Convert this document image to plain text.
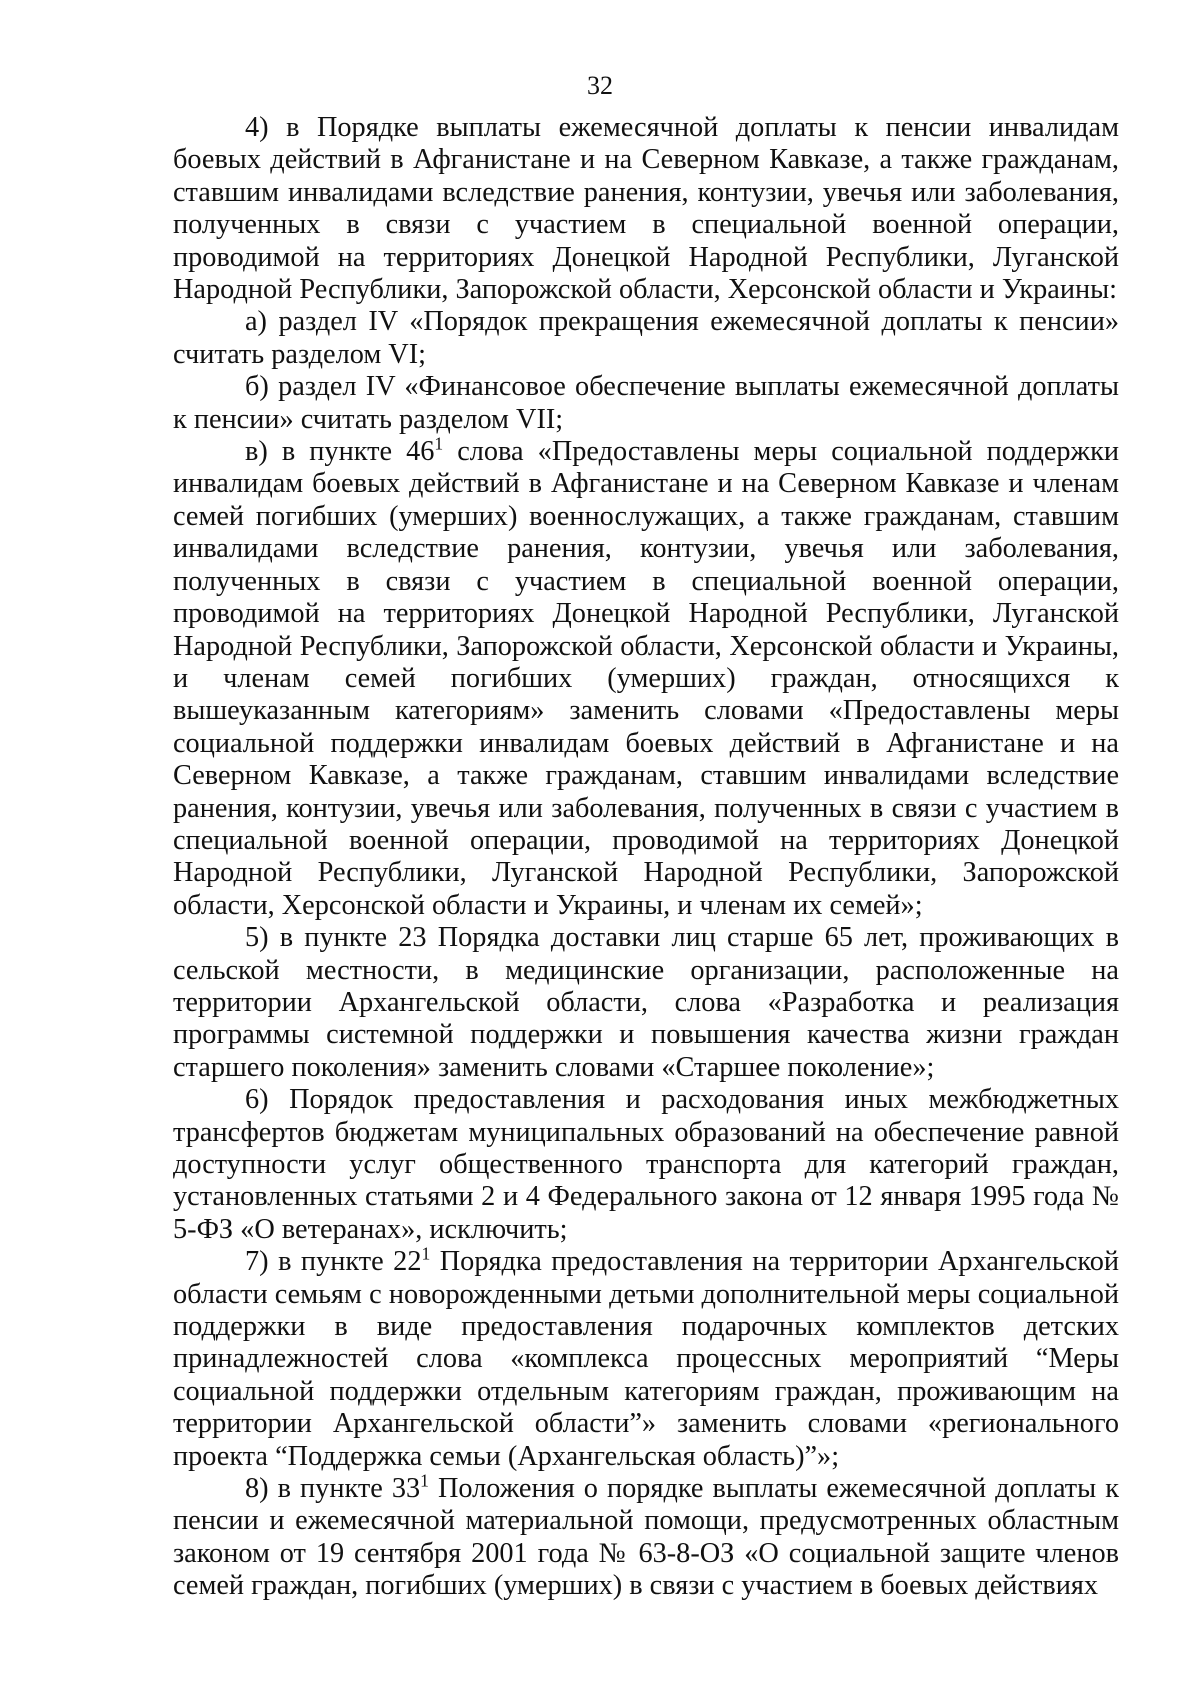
32

4) в Порядке выплаты ежемесячной доплаты к пенсии инвалидам боевых действий в Афганистане и на Северном Кавказе, а также гражданам, ставшим инвалидами вследствие ранения, контузии, увечья или заболевания, полученных в связи с участием в специальной военной операции, проводимой на территориях Донецкой Народной Республики, Луганской Народной Республики, Запорожской области, Херсонской области и Украины:

а) раздел IV «Порядок прекращения ежемесячной доплаты к пенсии» считать разделом VI;

б) раздел IV «Финансовое обеспечение выплаты ежемесячной доплаты к пенсии» считать разделом VII;

в) в пункте $46^1$ слова «Предоставлены меры социальной поддержки инвалидам боевых действий в Афганистане и на Северном Кавказе и членам семей погибших (умерших) военнослужащих, а также гражданам, ставшим инвалидами вследствие ранения, контузии, увечья или заболевания, полученных в связи с участием в специальной военной операции, проводимой на территориях Донецкой Народной Республики, Луганской Народной Республики, Запорожской области, Херсонской области и Украины, и членам семей погибших (умерших) граждан, относящихся к вышеуказанным категориям» заменить словами «Предоставлены меры социальной поддержки инвалидам боевых действий в Афганистане и на Северном Кавказе, а также гражданам, ставшим инвалидами вследствие ранения, контузии, увечья или заболевания, полученных в связи с участием в специальной военной операции, проводимой на территориях Донецкой Народной Республики, Луганской Народной Республики, Запорожской области, Херсонской области и Украины, и членам их семей»;

5) в пункте 23 Порядка доставки лиц старше 65 лет, проживающих в сельской местности, в медицинские организации, расположенные на территории Архангельской области, слова «Разработка и реализация программы системной поддержки и повышения качества жизни граждан старшего поколения» заменить словами «Старшее поколение»;

6) Порядок предоставления и расходования иных межбюджетных трансфертов бюджетам муниципальных образований на обеспечение равной доступности услуг общественного транспорта для категорий граждан, установленных статьями 2 и 4 Федерального закона от 12 января 1995 года № 5-ФЗ «О ветеранах», исключить;

7) в пункте $22^1$ Порядка предоставления на территории Архангельской области семьям с новорожденными детьми дополнительной меры социальной поддержки в виде предоставления подарочных комплектов детских принадлежностей слова «комплекса процессных мероприятий “Меры социальной поддержки отдельным категориям граждан, проживающим на территории Архангельской области”» заменить словами «регионального проекта “Поддержка семьи (Архангельская область)”»;

8) в пункте $33^1$ Положения о порядке выплаты ежемесячной доплаты к пенсии и ежемесячной материальной помощи, предусмотренных областным законом от 19 сентября 2001 года № 63-8-ОЗ «О социальной защите членов семей граждан, погибших (умерших) в связи с участием в боевых действиях
